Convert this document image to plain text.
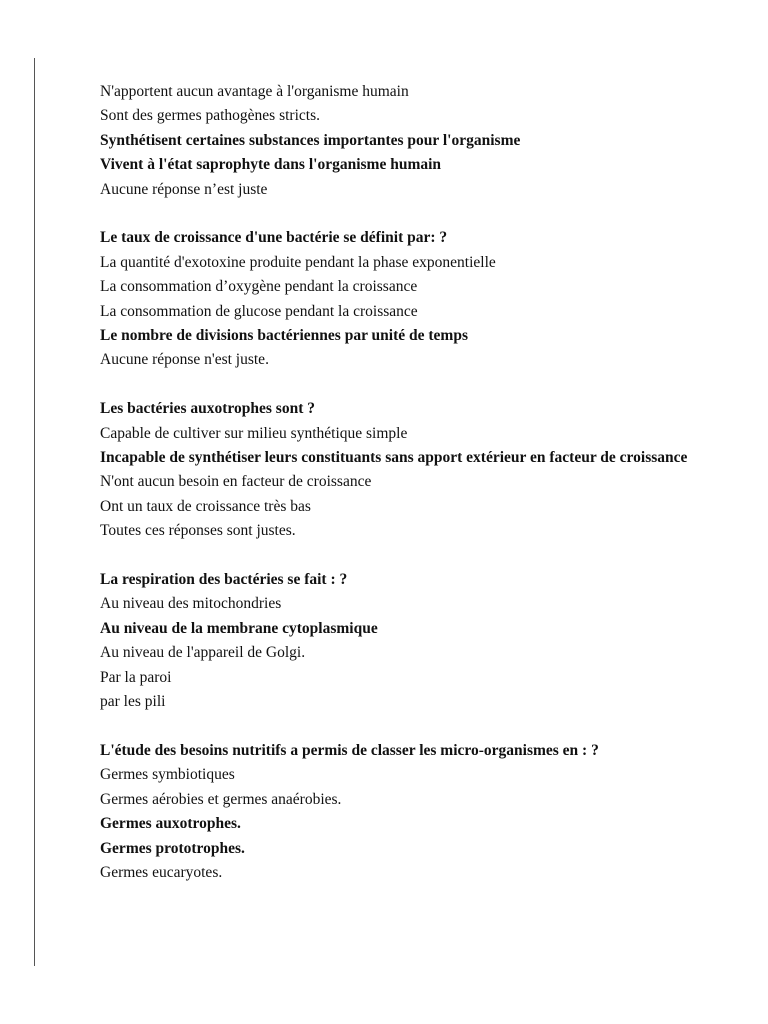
N'apportent aucun avantage à l'organisme humain

Sont des germes pathogènes stricts.

Synthétisent certaines substances importantes pour l'organisme

Vivent à l'état saprophyte dans l'organisme humain

Aucune réponse n’est juste

Le taux de croissance d'une bactérie se définit par: ?

La quantité d'exotoxine produite pendant la phase exponentielle

La consommation d’oxygène pendant la croissance

La consommation de glucose pendant la croissance

Le nombre de divisions bactériennes par unité de temps

Aucune réponse n'est juste.

Les bactéries auxotrophes sont ?

Capable de cultiver sur milieu synthétique simple

Incapable de synthétiser leurs constituants sans apport extérieur en facteur de croissance

N'ont aucun besoin en facteur de croissance

Ont un taux de croissance très bas

Toutes ces réponses sont justes.

La respiration des bactéries se fait : ?

Au niveau des mitochondries

Au niveau de la membrane cytoplasmique

Au niveau de l'appareil de Golgi.

Par la paroi

par les pili

L'étude des besoins nutritifs a permis de classer les micro-organismes en : ?

Germes symbiotiques

Germes aérobies et germes anaérobies.

Germes auxotrophes.

Germes prototrophes.

Germes eucaryotes.
